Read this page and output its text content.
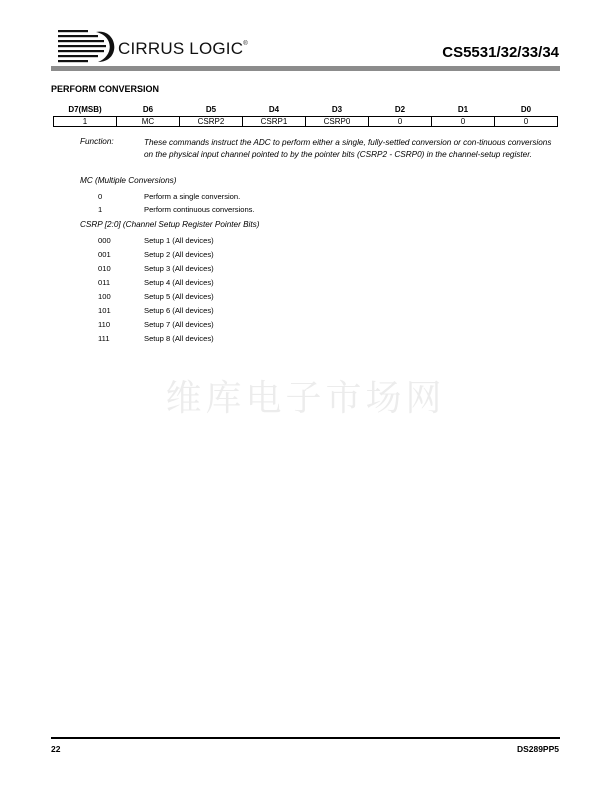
CIRRUS LOGIC®	CS5531/32/33/34
PERFORM CONVERSION
D7(MSB)	D6	D5	D4	D3	D2	D1	D0
1	MC	CSRP2	CSRP1	CSRP0	0	0	0
Function:	These commands instruct the ADC to perform either a single, fully-settled conversion or con-tinuous conversions on the physical input channel pointed to by the pointer bits (CSRP2 - CSRP0) in the channel-setup register.
MC (Multiple Conversions)
0	Perform a single conversion.
1	Perform continuous conversions.
CSRP [2:0] (Channel Setup Register Pointer Bits)
000	Setup 1 (All devices)
001	Setup 2 (All devices)
010	Setup 3 (All devices)
011	Setup 4 (All devices)
100	Setup 5 (All devices)
101	Setup 6 (All devices)
110	Setup 7 (All devices)
111	Setup 8 (All devices)
维库电子市场网
22	DS289PP5
